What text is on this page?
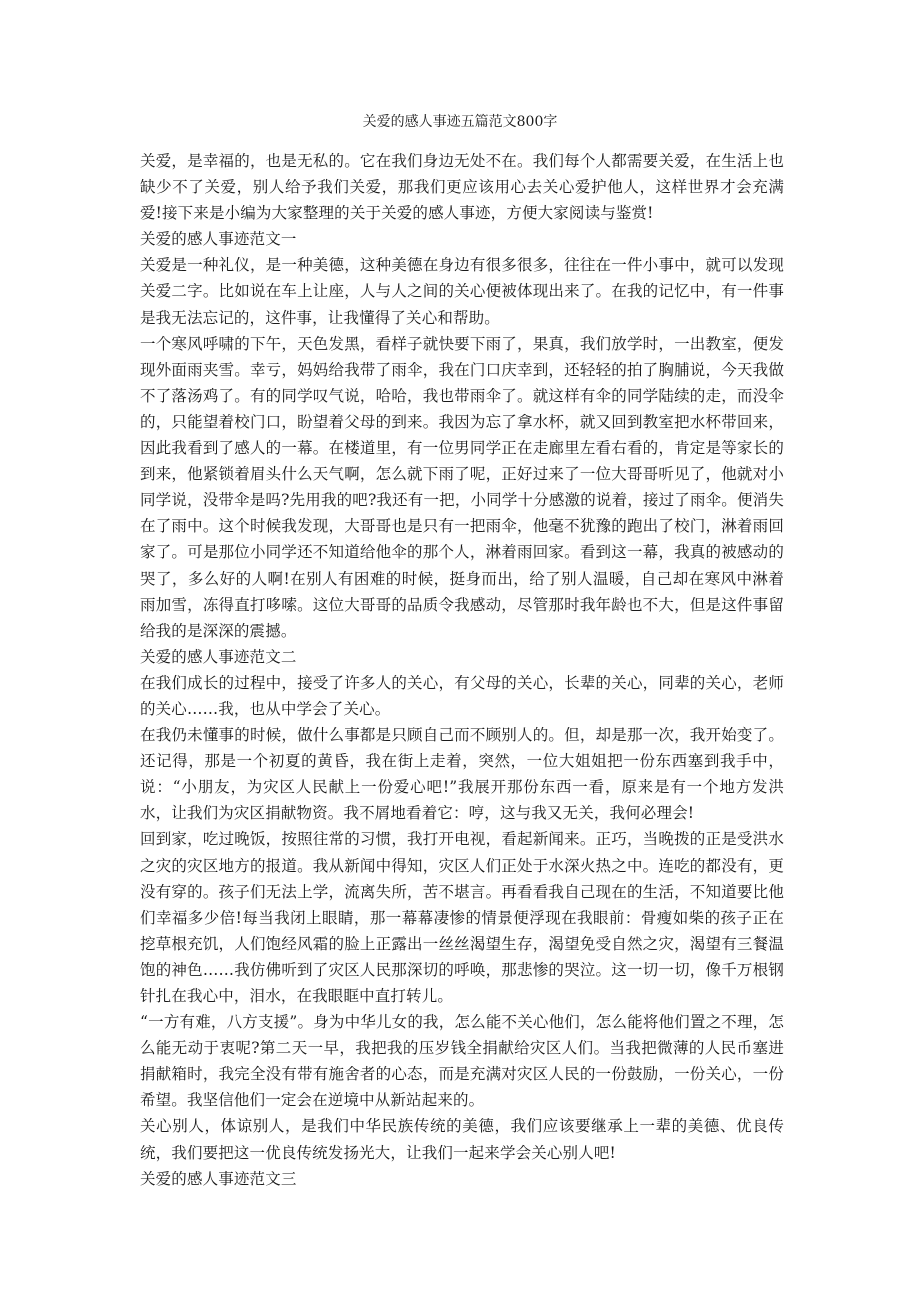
关爱的感人事迹五篇范文800字

关爱，是幸福的，也是无私的。它在我们身边无处不在。我们每个人都需要关爱，在生活上也缺少不了关爱，别人给予我们关爱，那我们更应该用心去关心爱护他人，这样世界才会充满爱!接下来是小编为大家整理的关于关爱的感人事迹，方便大家阅读与鉴赏!

关爱的感人事迹范文一

关爱是一种礼仪，是一种美德，这种美德在身边有很多很多，往往在一件小事中，就可以发现关爱二字。比如说在车上让座，人与人之间的关心便被体现出来了。在我的记忆中，有一件事是我无法忘记的，这件事，让我懂得了关心和帮助。

一个寒风呼啸的下午，天色发黑，看样子就快要下雨了，果真，我们放学时，一出教室，便发现外面雨夹雪。幸亏，妈妈给我带了雨伞，我在门口庆幸到，还轻轻的拍了胸脯说，今天我做不了落汤鸡了。有的同学叹气说，哈哈，我也带雨伞了。就这样有伞的同学陆续的走，而没伞的，只能望着校门口，盼望着父母的到来。我因为忘了拿水杯，就又回到教室把水杯带回来，因此我看到了感人的一幕。在楼道里，有一位男同学正在走廊里左看右看的，肯定是等家长的到来，他紧锁着眉头什么天气啊，怎么就下雨了呢，正好过来了一位大哥哥听见了，他就对小同学说，没带伞是吗?先用我的吧?我还有一把，小同学十分感激的说着，接过了雨伞。便消失在了雨中。这个时候我发现，大哥哥也是只有一把雨伞，他毫不犹豫的跑出了校门，淋着雨回家了。可是那位小同学还不知道给他伞的那个人，淋着雨回家。看到这一幕，我真的被感动的哭了，多么好的人啊!在别人有困难的时候，挺身而出，给了别人温暖，自己却在寒风中淋着雨加雪，冻得直打哆嗦。这位大哥哥的品质令我感动，尽管那时我年龄也不大，但是这件事留给我的是深深的震撼。

关爱的感人事迹范文二

在我们成长的过程中，接受了许多人的关心，有父母的关心，长辈的关心，同辈的关心，老师的关心……我，也从中学会了关心。

在我仍未懂事的时候，做什么事都是只顾自己而不顾别人的。但，却是那一次，我开始变了。还记得，那是一个初夏的黄昏，我在街上走着，突然，一位大姐姐把一份东西塞到我手中，说：“小朋友，为灾区人民献上一份爱心吧!”我展开那份东西一看，原来是有一个地方发洪水，让我们为灾区捐献物资。我不屑地看着它：哼，这与我又无关，我何必理会!

回到家，吃过晚饭，按照往常的习惯，我打开电视，看起新闻来。正巧，当晚拨的正是受洪水之灾的灾区地方的报道。我从新闻中得知，灾区人们正处于水深火热之中。连吃的都没有，更没有穿的。孩子们无法上学，流离失所，苦不堪言。再看看我自己现在的生活，不知道要比他们幸福多少倍!每当我闭上眼睛，那一幕幕凄惨的情景便浮现在我眼前：骨瘦如柴的孩子正在挖草根充饥，人们饱经风霜的脸上正露出一丝丝渴望生存，渴望免受自然之灾，渴望有三餐温饱的神色……我仿佛听到了灾区人民那深切的呼唤，那悲惨的哭泣。这一切一切，像千万根钢针扎在我心中，泪水，在我眼眶中直打转儿。

“一方有难，八方支援”。身为中华儿女的我，怎么能不关心他们，怎么能将他们置之不理，怎么能无动于衷呢?第二天一早，我把我的压岁钱全捐献给灾区人们。当我把微薄的人民币塞进捐献箱时，我完全没有带有施舍者的心态，而是充满对灾区人民的一份鼓励，一份关心，一份希望。我坚信他们一定会在逆境中从新站起来的。

关心别人，体谅别人，是我们中华民族传统的美德，我们应该要继承上一辈的美德、优良传统，我们要把这一优良传统发扬光大，让我们一起来学会关心别人吧!

关爱的感人事迹范文三
